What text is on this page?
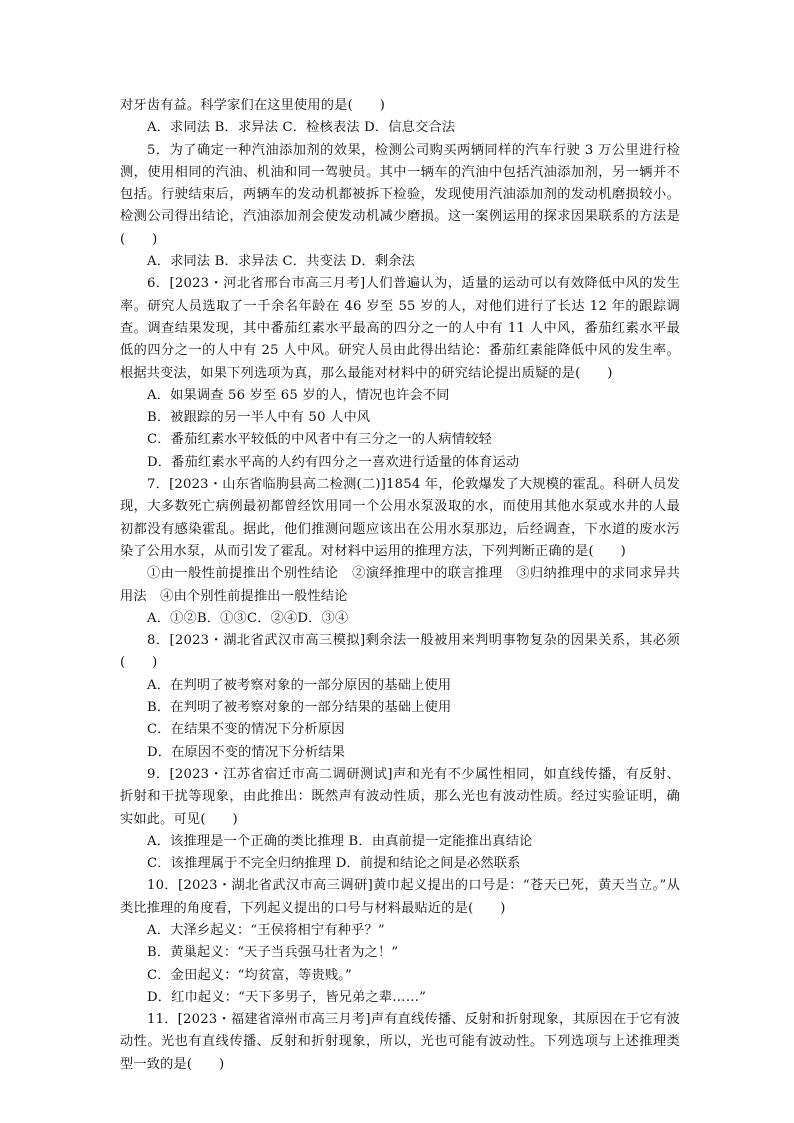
对牙齿有益。科学家们在这里使用的是(　　)

A．求同法 B．求异法 C．检核表法 D．信息交合法

5．为了确定一种汽油添加剂的效果，检测公司购买两辆同样的汽车行驶 3 万公里进行检测，使用相同的汽油、机油和同一驾驶员。其中一辆车的汽油中包括汽油添加剂，另一辆并不包括。行驶结束后，两辆车的发动机都被拆下检验，发现使用汽油添加剂的发动机磨损较小。检测公司得出结论，汽油添加剂会使发动机减少磨损。这一案例运用的探求因果联系的方法是(　　)

A．求同法 B．求异法 C．共变法 D．剩余法

6．[2023・河北省邢台市高三月考]人们普遍认为，适量的运动可以有效降低中风的发生率。研究人员选取了一千余名年龄在 46 岁至 55 岁的人，对他们进行了长达 12 年的跟踪调查。调查结果发现，其中番茄红素水平最高的四分之一的人中有 11 人中风，番茄红素水平最低的四分之一的人中有 25 人中风。研究人员由此得出结论：番茄红素能降低中风的发生率。根据共变法，如果下列选项为真，那么最能对材料中的研究结论提出质疑的是(　　)

A．如果调查 56 岁至 65 岁的人，情况也许会不同

B．被跟踪的另一半人中有 50 人中风

C．番茄红素水平较低的中风者中有三分之一的人病情较轻

D．番茄红素水平高的人约有四分之一喜欢进行适量的体育运动

7．[2023・山东省临朐县高二检测(二)]1854 年，伦敦爆发了大规模的霍乱。科研人员发现，大多数死亡病例最初都曾经饮用同一个公用水泵汲取的水，而使用其他水泵或水井的人最初都没有感染霍乱。据此，他们推测问题应该出在公用水泵那边，后经调查，下水道的废水污染了公用水泵，从而引发了霍乱。对材料中运用的推理方法，下列判断正确的是(　　)

①由一般性前提推出个别性结论　②演绎推理中的联言推理　③归纳推理中的求同求异共用法　④由个别性前提推出一般性结论

A．①②B．①③C．②④D．③④

8．[2023・湖北省武汉市高三模拟]剩余法一般被用来判明事物复杂的因果关系，其必须(　　)

A．在判明了被考察对象的一部分原因的基础上使用

B．在判明了被考察对象的一部分结果的基础上使用

C．在结果不变的情况下分析原因

D．在原因不变的情况下分析结果

9．[2023・江苏省宿迁市高二调研测试]声和光有不少属性相同，如直线传播，有反射、折射和干扰等现象，由此推出：既然声有波动性质，那么光也有波动性质。经过实验证明，确实如此。可见(　　)

A．该推理是一个正确的类比推理 B．由真前提一定能推出真结论

C．该推理属于不完全归纳推理 D．前提和结论之间是必然联系

10．[2023・湖北省武汉市高三调研]黄巾起义提出的口号是：“苍天已死，黄天当立。”从类比推理的角度看，下列起义提出的口号与材料最贴近的是(　　)

A．大泽乡起义：“王侯将相宁有种乎？”

B．黄巢起义：“天子当兵强马壮者为之！”

C．金田起义：“均贫富，等贵贱。”

D．红巾起义：“天下多男子，皆兄弟之辈……”

11．[2023・福建省漳州市高三月考]声有直线传播、反射和折射现象，其原因在于它有波动性。光也有直线传播、反射和折射现象，所以，光也可能有波动性。下列选项与上述推理类型一致的是(　　)
